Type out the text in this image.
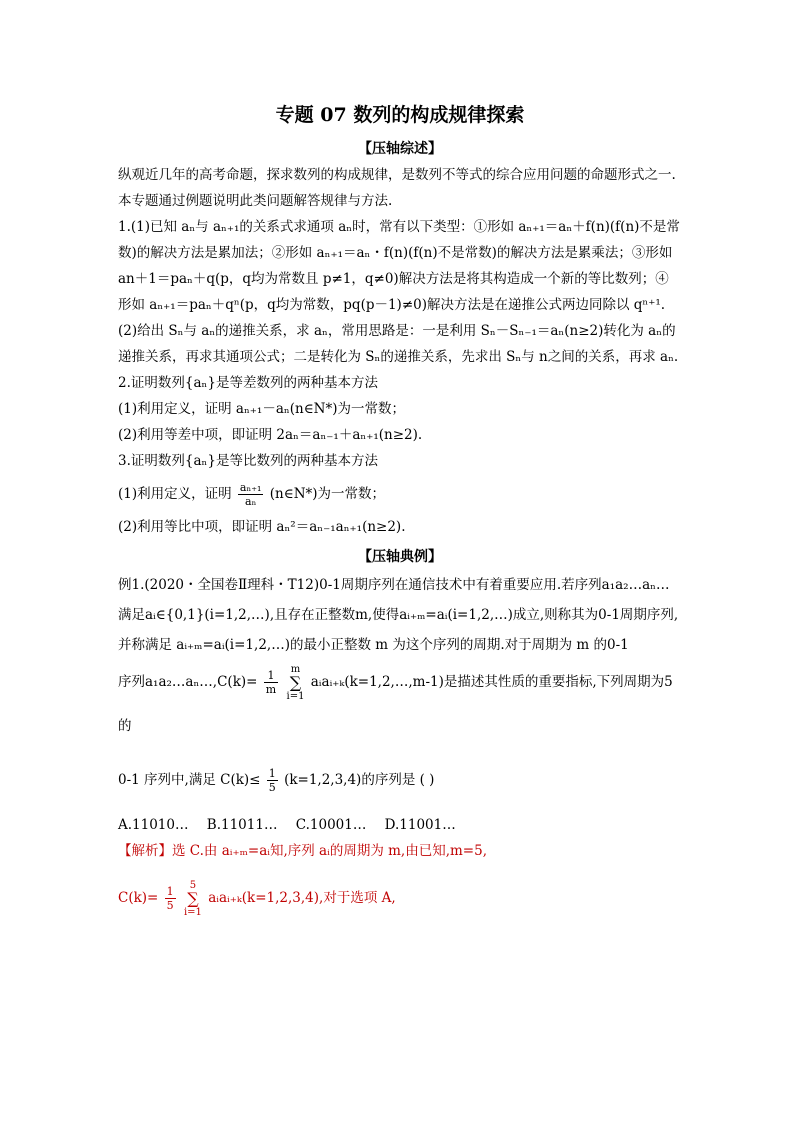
专题 07 数列的构成规律探索

【压轴综述】

纵观近几年的高考命题，探求数列的构成规律，是数列不等式的综合应用问题的命题形式之一. 本专题通过例题说明此类问题解答规律与方法.

1.(1)已知 aₙ与 aₙ₊₁的关系式求通项 aₙ时，常有以下类型：①形如 aₙ₊₁＝aₙ＋f(n)(f(n)不是常数)的解决方法是累加法；②形如 aₙ₊₁＝aₙ・f(n)(f(n)不是常数)的解决方法是累乘法；③形如 an＋1＝paₙ＋q(p，q均为常数且 p≠1，q≠0)解决方法是将其构造成一个新的等比数列；④形如 aₙ₊₁＝paₙ＋qⁿ(p，q均为常数，pq(p－1)≠0)解决方法是在递推公式两边同除以 qⁿ⁺¹.

(2)给出 Sₙ与 aₙ的递推关系，求 aₙ，常用思路是：一是利用 Sₙ－Sₙ₋₁＝aₙ(n≥2)转化为 aₙ的递推关系，再求其通项公式；二是转化为 Sₙ的递推关系，先求出 Sₙ与 n之间的关系，再求 aₙ.

2.证明数列{aₙ}是等差数列的两种基本方法

(1)利用定义，证明 aₙ₊₁－aₙ(n∈N*)为一常数；

(2)利用等差中项，即证明 2aₙ＝aₙ₋₁＋aₙ₊₁(n≥2).

3.证明数列{aₙ}是等比数列的两种基本方法

(1)利用定义，证明 $\frac{\text{aₙ₊₁}}{\text{aₙ}}$ (n∈N*)为一常数；

(2)利用等比中项，即证明 aₙ²＝aₙ₋₁aₙ₊₁(n≥2).

【压轴典例】

例1.(2020・全国卷Ⅱ理科・T12)0-1周期序列在通信技术中有着重要应用.若序列a₁a₂…aₙ…满足aᵢ∈{0,1}(i=1,2,…),且存在正整数m,使得aᵢ₊ₘ=aᵢ(i=1,2,…)成立,则称其为0-1周期序列,并称满足 aᵢ₊ₘ=aᵢ(i=1,2,…)的最小正整数 m 为这个序列的周期.对于周期为 m 的0-1

序列a₁a₂…aₙ…,C(k)= $\frac{1}{m}$ m
∑
i=1 aᵢaᵢ₊ₖ(k=1,2,…,m-1)是描述其性质的重要指标,下列周期为5的

0-1 序列中,满足 $C(k)\le \frac{1}{5} (k=1,2,3,4)$的序列是 ( )

A.11010… B.11011… C.10001… D.11001…

【解析】选 C.由 aᵢ₊ₘ=aᵢ知,序列 aᵢ的周期为 m,由已知,m=5,

$C(k)= \frac{1}{5} 5$
∑
i=1 aᵢaᵢ₊ₖ(k=1,2,3,4),对于选项 A,
